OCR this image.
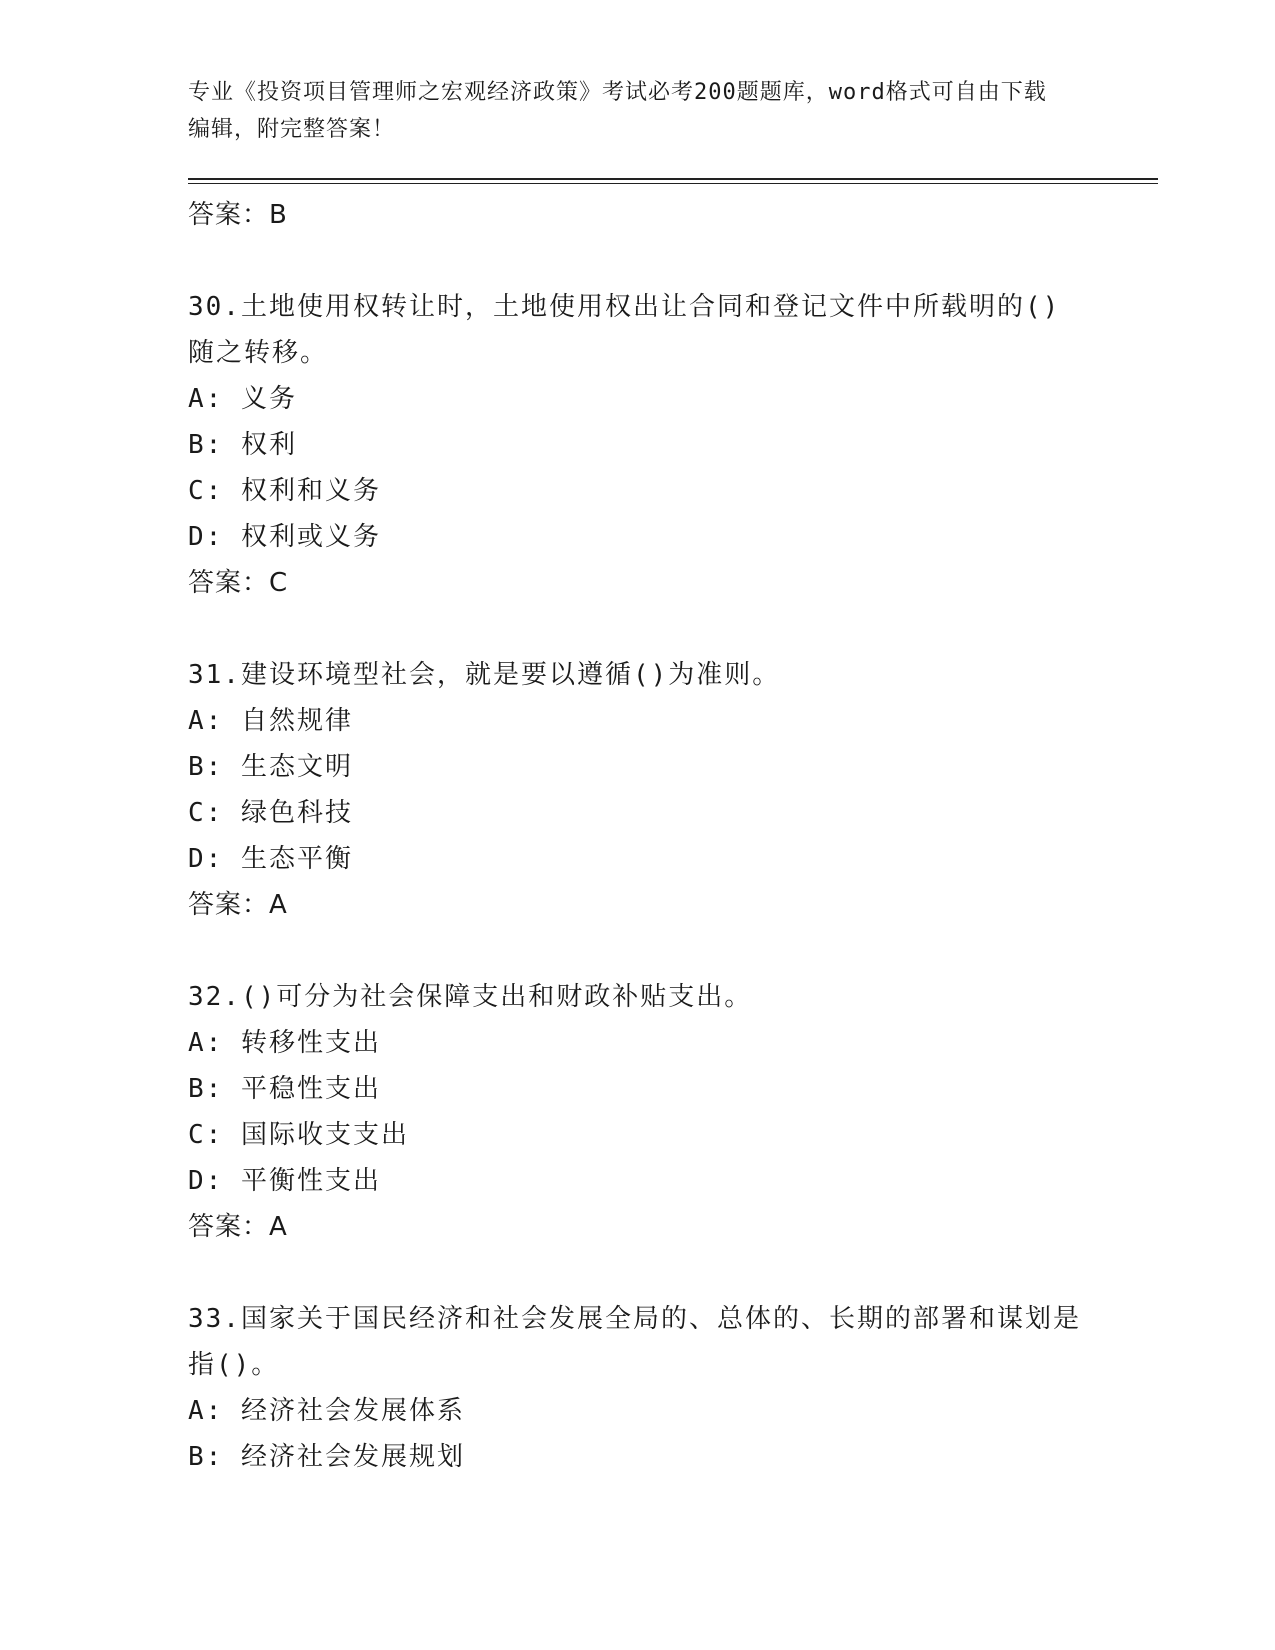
专业《投资项目管理师之宏观经济政策》考试必考200题题库，word格式可自由下载编辑，附完整答案！

答案：B

30.土地使用权转让时，土地使用权出让合同和登记文件中所载明的()随之转移。

A: 义务

B: 权利

C: 权利和义务

D: 权利或义务

答案：C

31.建设环境型社会，就是要以遵循()为准则。

A: 自然规律

B: 生态文明

C: 绿色科技

D: 生态平衡

答案：A

32.()可分为社会保障支出和财政补贴支出。

A: 转移性支出

B: 平稳性支出

C: 国际收支支出

D: 平衡性支出

答案：A

33.国家关于国民经济和社会发展全局的、总体的、长期的部署和谋划是指()。

A: 经济社会发展体系

B: 经济社会发展规划
